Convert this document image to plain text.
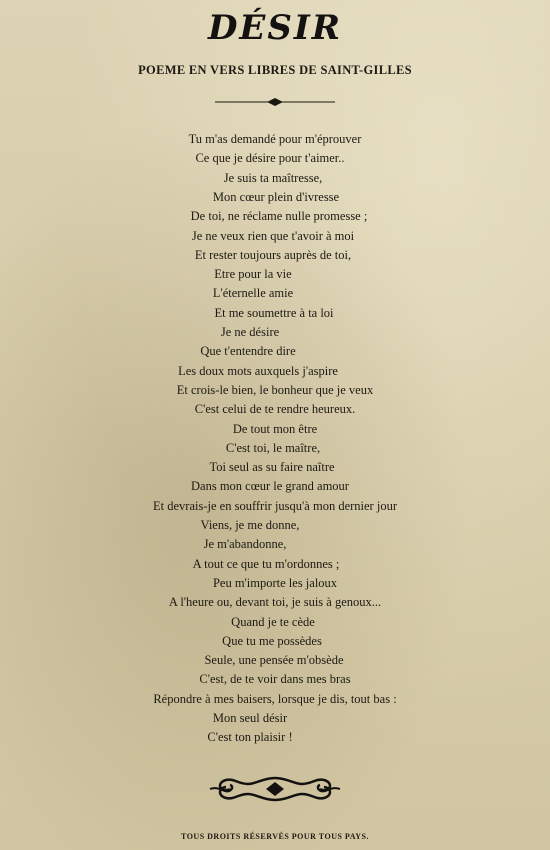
DÉSIR
POEME EN VERS LIBRES DE SAINT-GILLES
Tu m'as demandé pour m'éprouver
Ce que je désire pour t'aimer..
Je suis ta maîtresse,
Mon cœur plein d'ivresse
De toi, ne réclame nulle promesse ;
Je ne veux rien que t'avoir à moi
Et rester toujours auprès de toi,
Etre pour la vie
L'éternelle amie
Et me soumettre à ta loi
Je ne désire
Que t'entendre dire
Les doux mots auxquels j'aspire
Et crois-le bien, le bonheur que je veux
C'est celui de te rendre heureux.
De tout mon être
C'est toi, le maître,
Toi seul as su faire naître
Dans mon cœur le grand amour
Et devrais-je en souffrir jusqu'à mon dernier jour
Viens, je me donne,
Je m'abandonne,
A tout ce que tu m'ordonnes ;
Peu m'importe les jaloux
A l'heure ou, devant toi, je suis à genoux...
Quand je te cède
Que tu me possèdes
Seule, une pensée m'obsède
C'est, de te voir dans mes bras
Répondre à mes baisers, lorsque je dis, tout bas :
Mon seul désir
C'est ton plaisir !
TOUS DROITS RÉSERVÉS POUR TOUS PAYS.
